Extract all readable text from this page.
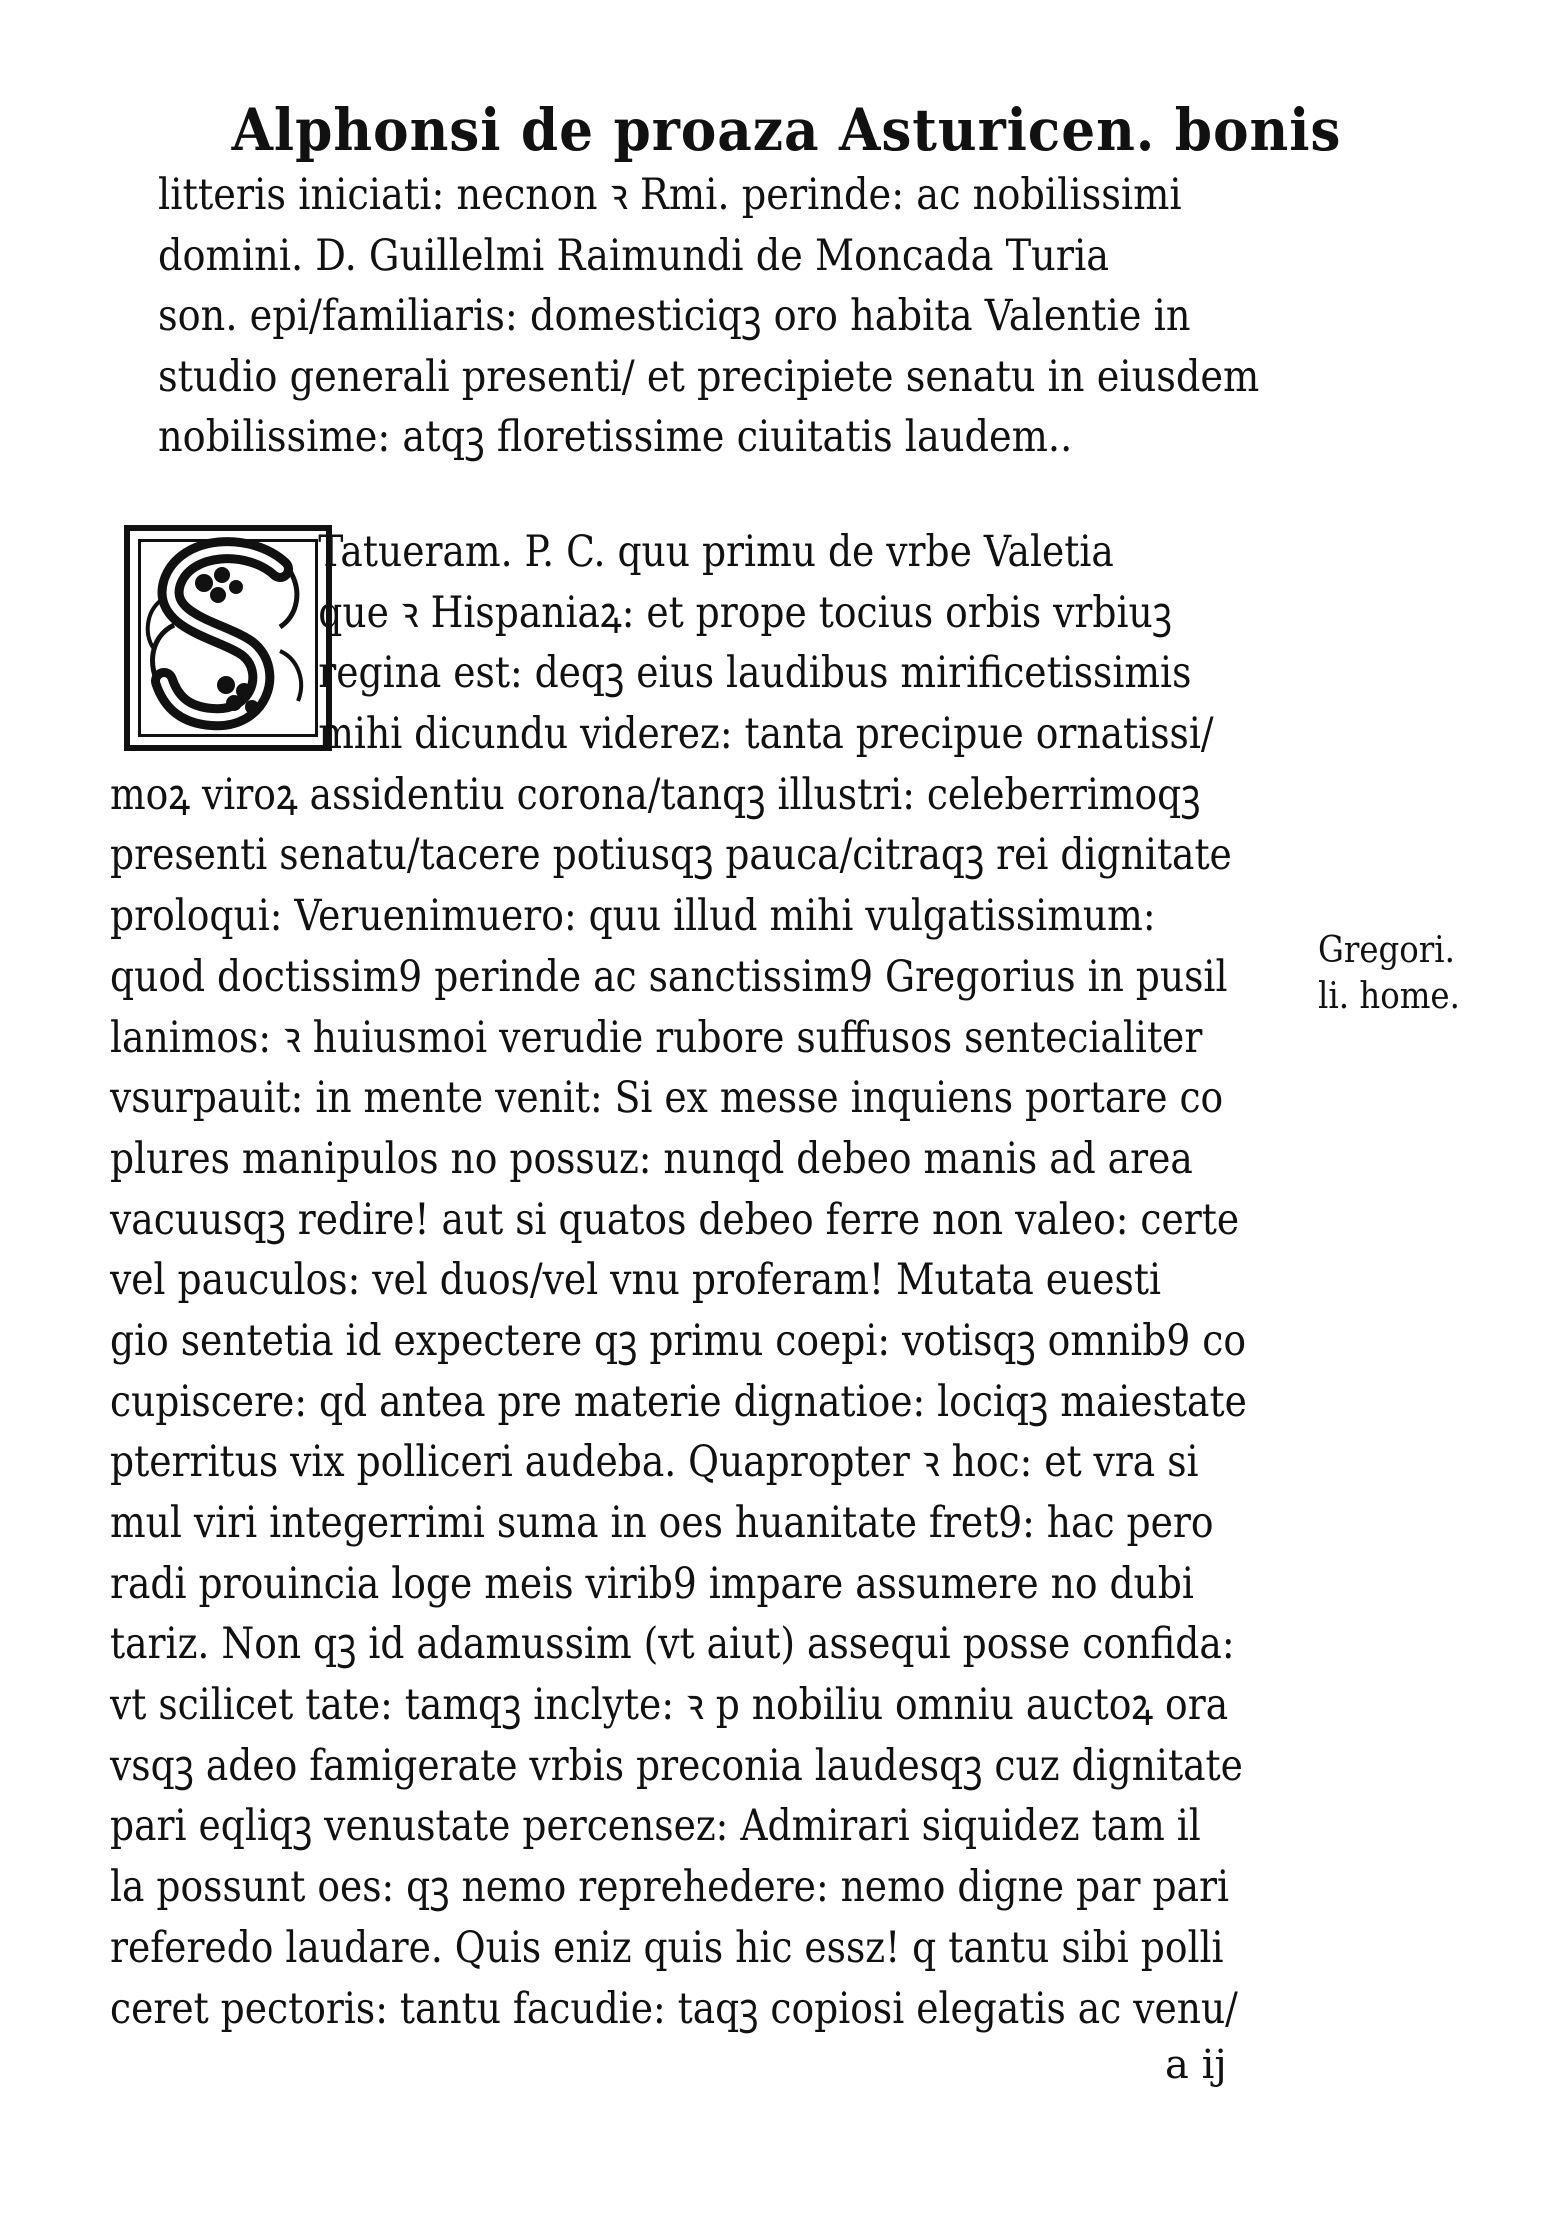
Alphonsi de proaza Asturicen. bonis
litteris iniciati: necnon ꝛ Rmi. perinde: ac nobilissimi
domini. D. Guillelmi Raimundi de Moncada Turia
son. epi/familiaris: domesticiqꝫ oro habita Valentie in
studio generali presenti/ et precipiete senatu in eiusdem
nobilissime: atqꝫ floretissime ciuitatis laudem..
Tatueram. P. C. quu primu de vrbe Valetia
que ꝛ Hispaniaꝝ: et prope tocius orbis vrbiuꝫ
regina est: deqꝫ eius laudibus mirificetissimis
mihi dicundu viderez: tanta precipue ornatissi/
moꝝ viroꝝ assidentiu corona/tanqꝫ illustri: celeberrimoqꝫ
presenti senatu/tacere potiusqꝫ pauca/citraqꝫ rei dignitate
proloqui: Veruenimuero: quu illud mihi vulgatissimum:
quod doctissim9 perinde ac sanctissim9 Gregorius in pusil
lanimos: ꝛ huiusmoi verudie rubore suffusos sentecialiter
vsurpauit: in mente venit: Si ex messe inquiens portare co
plures manipulos no possuz: nunqd debeo manis ad area
vacuusqꝫ redire! aut si quatos debeo ferre non valeo: certe
vel pauculos: vel duos/vel vnu proferam! Mutata euesti
gio sentetia id expectere qꝫ primu coepi: votisqꝫ omnib9 co
cupiscere: qd antea pre materie dignatioe: lociqꝫ maiestate
pterritus vix polliceri audeba. Quapropter ꝛ hoc: et vra si
mul viri integerrimi suma in oes huanitate fret9: hac pero
radi prouincia loge meis virib9 impare assumere no dubi
tariz. Non qꝫ id adamussim (vt aiut) assequi posse confida:
vt scilicet tate: tamqꝫ inclyte: ꝛ p nobiliu omniu auctoꝝ ora
vsqꝫ adeo famigerate vrbis preconia laudesqꝫ cuz dignitate
pari eqliqꝫ venustate percensez: Admirari siquidez tam il
la possunt oes: qꝫ nemo reprehedere: nemo digne par pari
referedo laudare. Quis eniz quis hic essz! q tantu sibi polli
ceret pectoris: tantu facudie: taqꝫ copiosi elegatis ac venu/
Gregori.
li. home.
a ij
